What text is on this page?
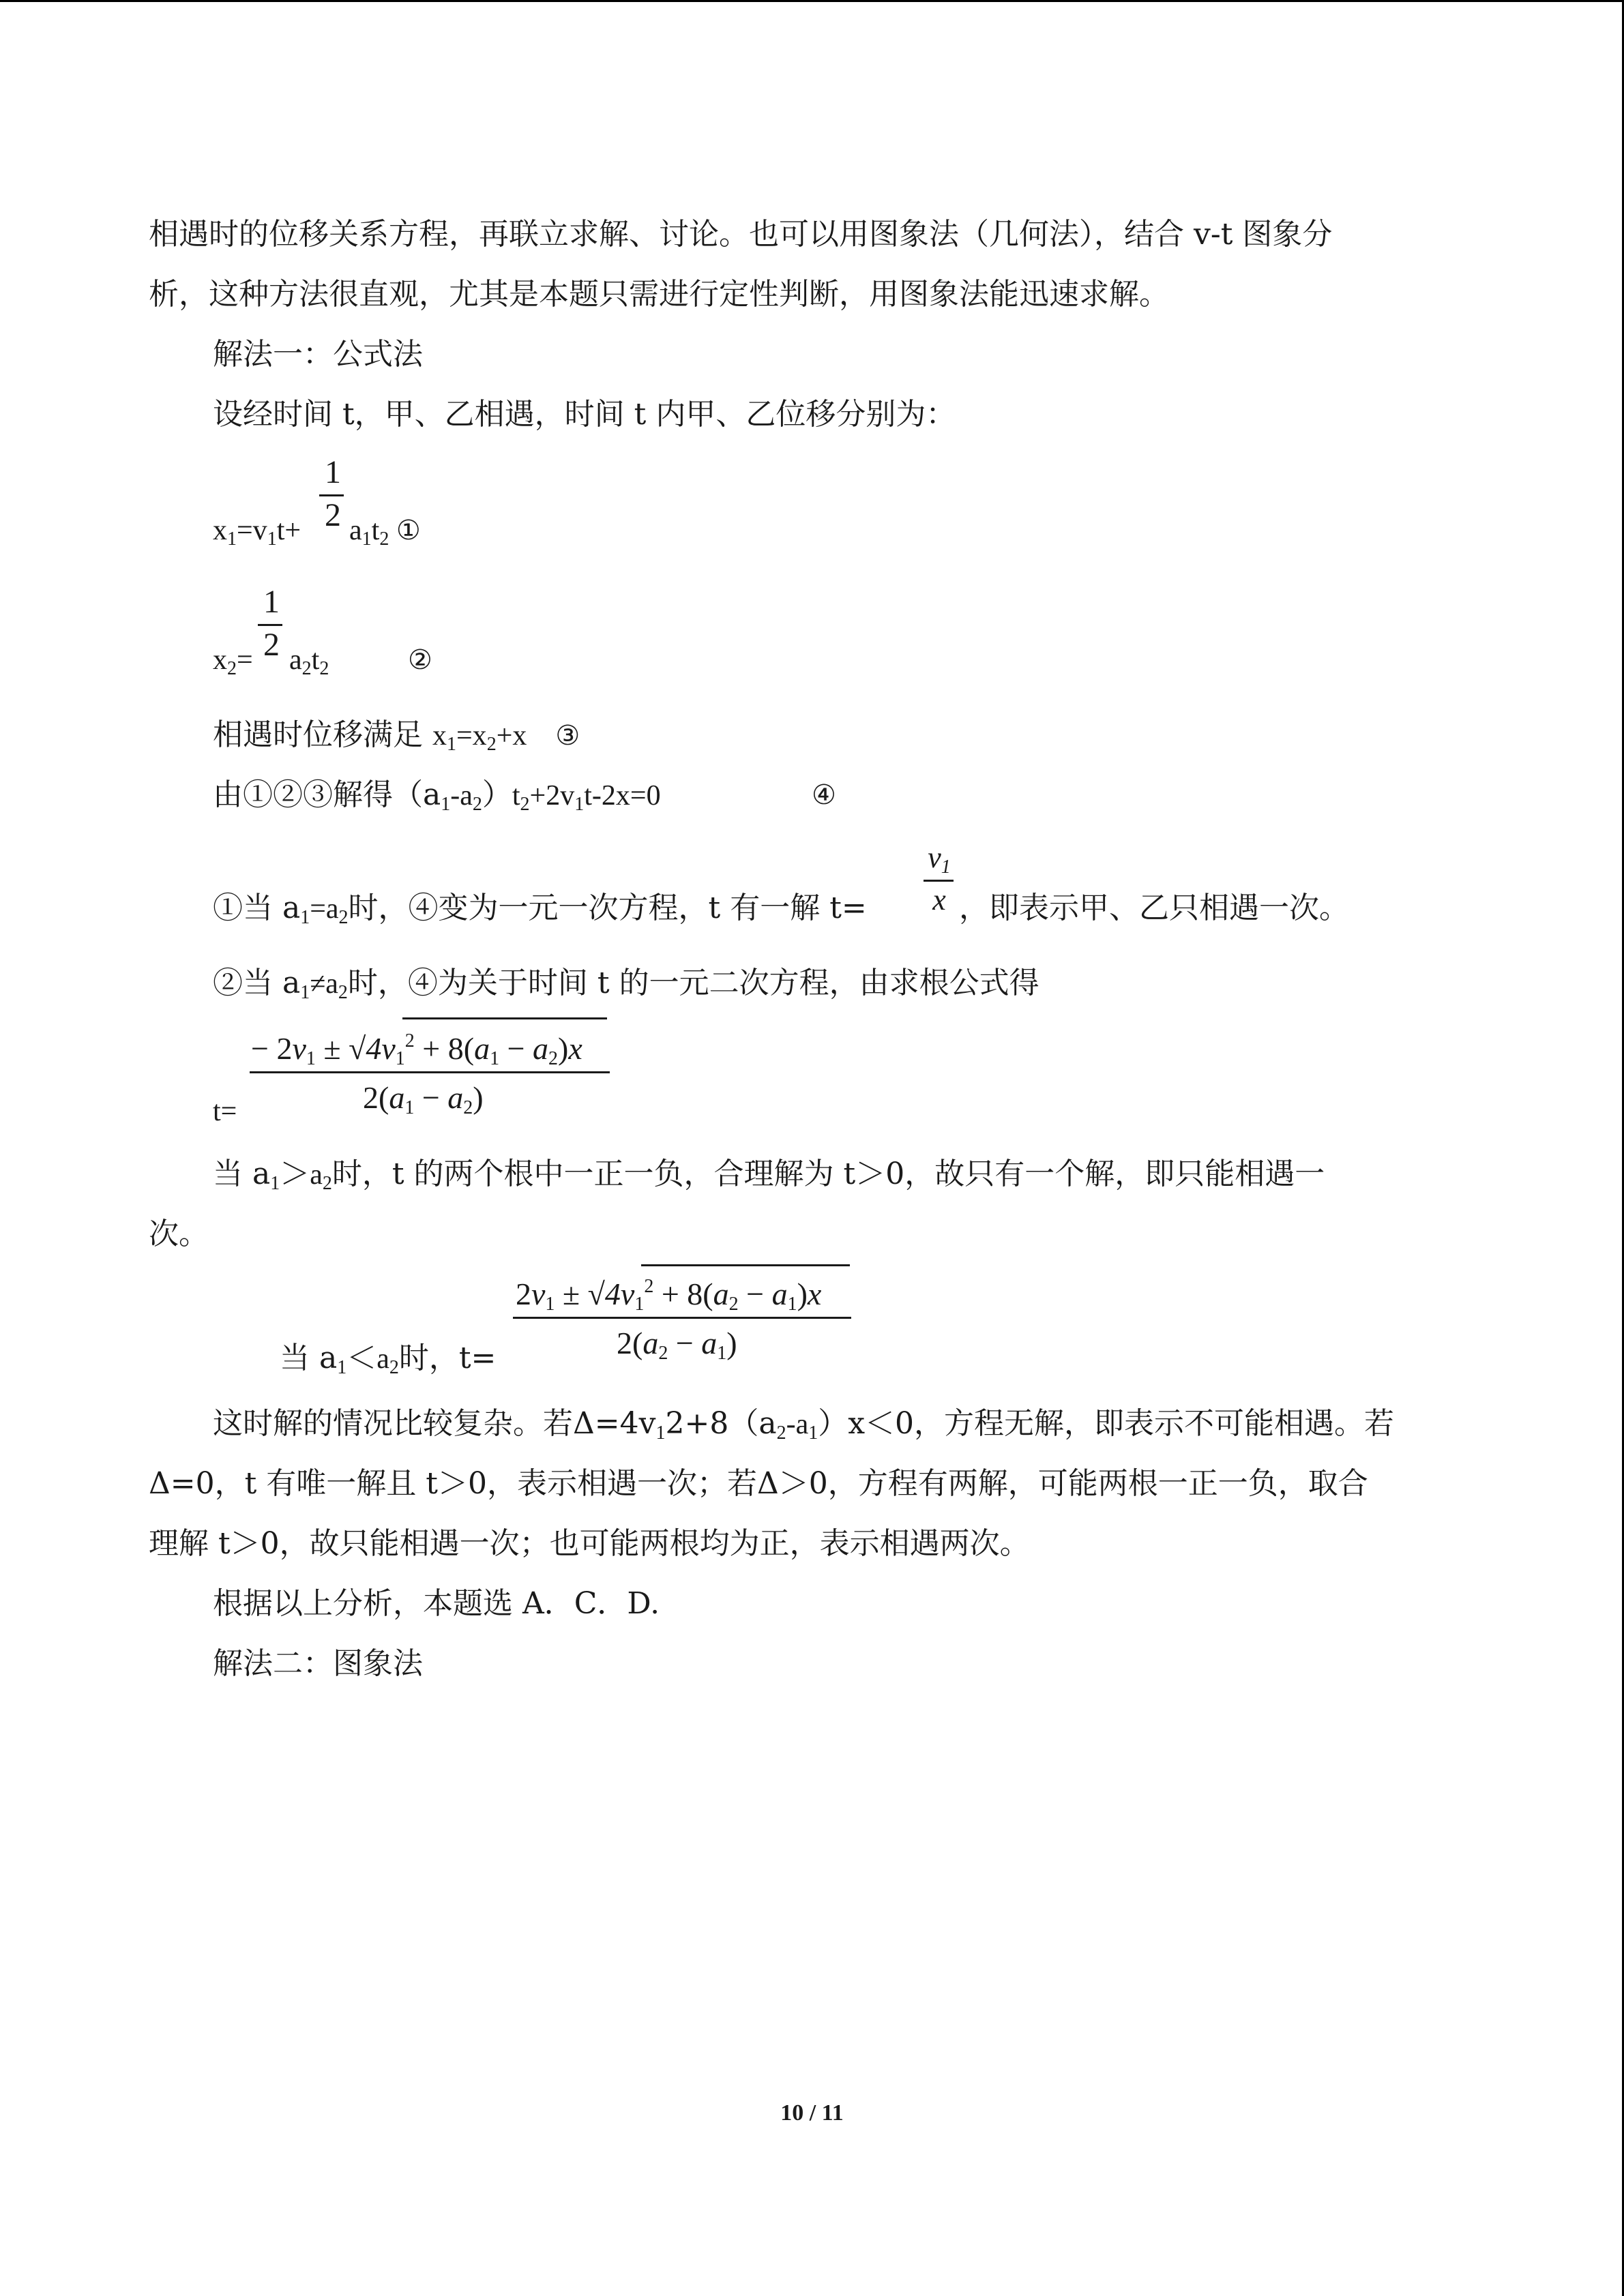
相遇时的位移关系方程，再联立求解、讨论。也可以用图象法（几何法），结合 v-t 图象分
析，这种方法很直观，尤其是本题只需进行定性判断，用图象法能迅速求解。
解法一：公式法
设经时间 t，甲、乙相遇，时间 t 内甲、乙位移分别为：
1
2
$x_1=v_1t+ a_1t_2$ ①
1
2
$x_2= a_2t_2$	②
相遇时位移满足 $x_1=x_2+x$ ③
由①②③解得$(a_1-a_2)t_2+2v_1t-2x=0$	④
$v_1$
x
①当 $a_1=a_2$时，④变为一元一次方程，t 有一解 t=	，即表示甲、乙只相遇一次。
②当 $a_1\ne a_2$时，④为关于时间 t 的一元二次方程，由求根公式得
− $2v_1 \pm √4v_1^2 + 8(a_1 - a_2)x$
$2(a_1 - a_2)$
t=
当 $a_1>a_2$时，t 的两个根中一正一负，合理解为 t＞0，故只有一个解，即只能相遇一
次。
$2v_1 \pm √4v_1^2 + 8(a_2 - a_1)x$
$2(a_2 - a_1)$
当 $a_1<a_2$时，t=
这时解的情况比较复杂。若$\Delta=4v_12+8(a_2-a_1)x<0$，方程无解，即表示不可能相遇。若
Δ=0，t 有唯一解且 t＞0，表示相遇一次；若Δ＞0，方程有两解，可能两根一正一负，取合
理解 t＞0，故只能相遇一次；也可能两根均为正，表示相遇两次。
根据以上分析，本题选 A．C．D.
解法二：图象法
10 / 11
